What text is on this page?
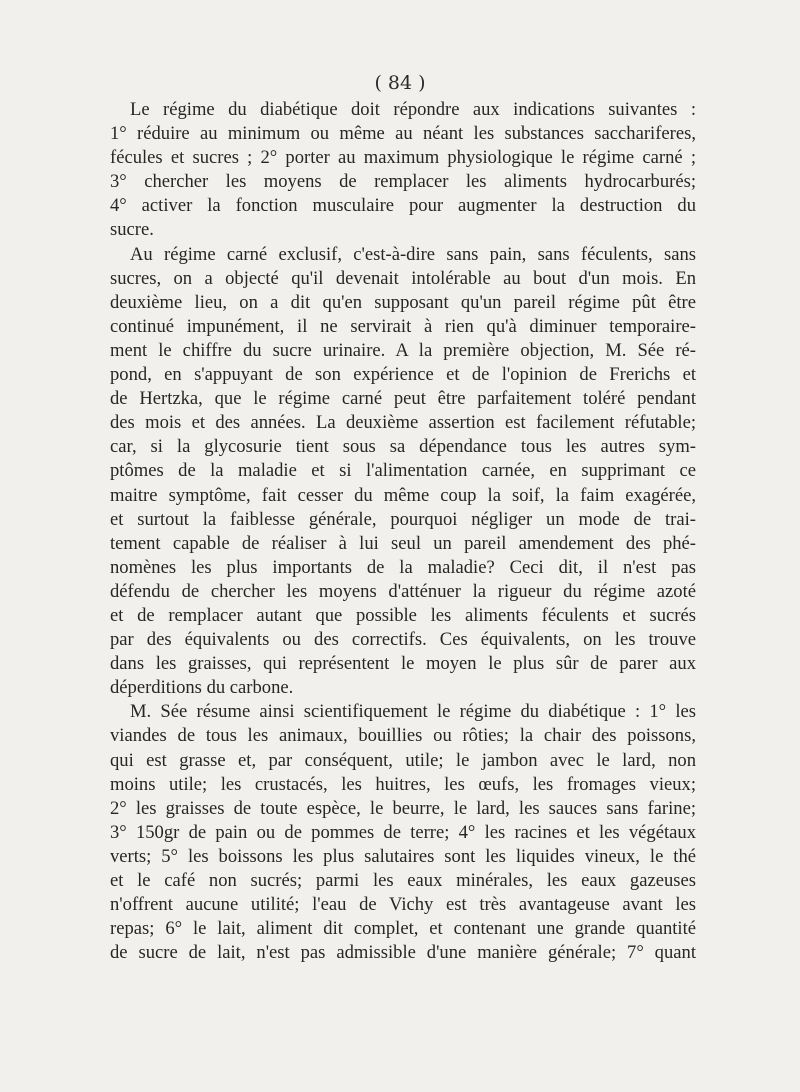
( 84 )
Le régime du diabétique doit répondre aux indications suivantes :
1° réduire au minimum ou même au néant les substances sacchariferes,
fécules et sucres ; 2° porter au maximum physiologique le régime carné ;
3° chercher les moyens de remplacer les aliments hydrocarburés;
4° activer la fonction musculaire pour augmenter la destruction du
sucre.
Au régime carné exclusif, c'est-à-dire sans pain, sans féculents, sans
sucres, on a objecté qu'il devenait intolérable au bout d'un mois. En
deuxième lieu, on a dit qu'en supposant qu'un pareil régime pût être
continué impunément, il ne servirait à rien qu'à diminuer temporaire-
ment le chiffre du sucre urinaire. A la première objection, M. Sée ré-
pond, en s'appuyant de son expérience et de l'opinion de Frerichs et
de Hertzka, que le régime carné peut être parfaitement toléré pendant
des mois et des années. La deuxième assertion est facilement réfutable;
car, si la glycosurie tient sous sa dépendance tous les autres sym-
ptômes de la maladie et si l'alimentation carnée, en supprimant ce
maitre symptôme, fait cesser du même coup la soif, la faim exagérée,
et surtout la faiblesse générale, pourquoi négliger un mode de trai-
tement capable de réaliser à lui seul un pareil amendement des phé-
nomènes les plus importants de la maladie? Ceci dit, il n'est pas
défendu de chercher les moyens d'atténuer la rigueur du régime azoté
et de remplacer autant que possible les aliments féculents et sucrés
par des équivalents ou des correctifs. Ces équivalents, on les trouve
dans les graisses, qui représentent le moyen le plus sûr de parer aux
déperditions du carbone.
M. Sée résume ainsi scientifiquement le régime du diabétique : 1° les
viandes de tous les animaux, bouillies ou rôties; la chair des poissons,
qui est grasse et, par conséquent, utile; le jambon avec le lard, non
moins utile; les crustacés, les huitres, les œufs, les fromages vieux;
2° les graisses de toute espèce, le beurre, le lard, les sauces sans farine;
3° 150gr de pain ou de pommes de terre; 4° les racines et les végétaux
verts; 5° les boissons les plus salutaires sont les liquides vineux, le thé
et le café non sucrés; parmi les eaux minérales, les eaux gazeuses
n'offrent aucune utilité; l'eau de Vichy est très avantageuse avant les
repas; 6° le lait, aliment dit complet, et contenant une grande quantité
de sucre de lait, n'est pas admissible d'une manière générale; 7° quant
